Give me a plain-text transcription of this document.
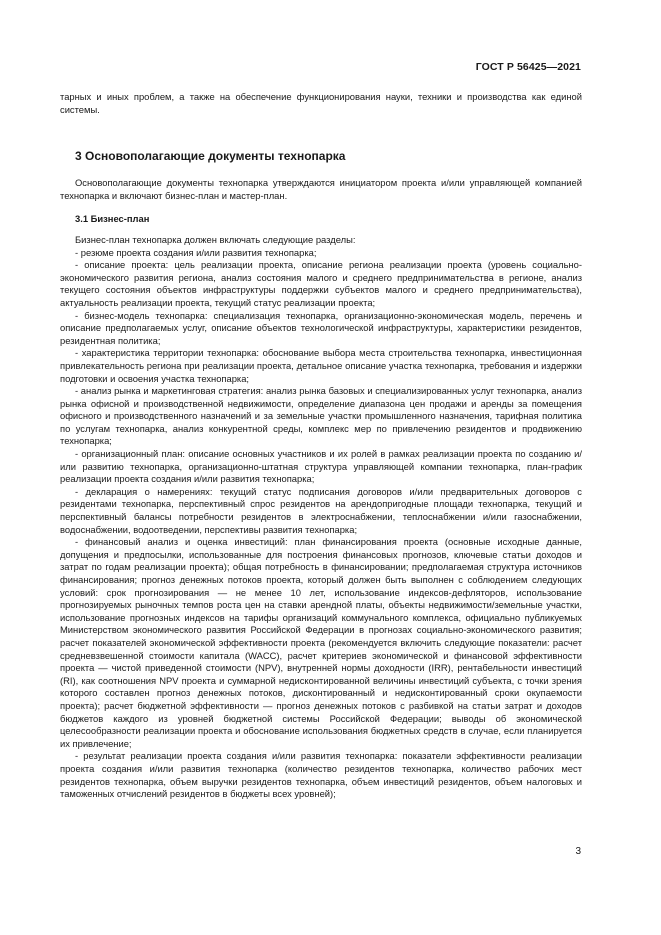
ГОСТ Р 56425—2021

тарных и иных проблем, а также на обеспечение функционирования науки, техники и производства как единой системы.

3 Основополагающие документы технопарка

Основополагающие документы технопарка утверждаются инициатором проекта и/или управляющей компанией технопарка и включают бизнес-план и мастер-план.

3.1 Бизнес-план

Бизнес-план технопарка должен включать следующие разделы:

- резюме проекта создания и/или развития технопарка;

- описание проекта: цель реализации проекта, описание региона реализации проекта (уровень социально-экономического развития региона, анализ состояния малого и среднего предпринимательства в регионе, анализ текущего состояния объектов инфраструктуры поддержки субъектов малого и среднего предпринимательства), актуальность реализации проекта, текущий статус реализации проекта;

- бизнес-модель технопарка: специализация технопарка, организационно-экономическая модель, перечень и описание предполагаемых услуг, описание объектов технологической инфраструктуры, характеристики резидентов, резидентная политика;

- характеристика территории технопарка: обоснование выбора места строительства технопарка, инвестиционная привлекательность региона при реализации проекта, детальное описание участка технопарка, требования и издержки подготовки и освоения участка технопарка;

- анализ рынка и маркетинговая стратегия: анализ рынка базовых и специализированных услуг технопарка, анализ рынка офисной и производственной недвижимости, определение диапазона цен продажи и аренды за помещения офисного и производственного назначений и за земельные участки промышленного назначения, тарифная политика по услугам технопарка, анализ конкурентной среды, комплекс мер по привлечению резидентов и продвижению технопарка;

- организационный план: описание основных участников и их ролей в рамках реализации проекта по созданию и/или развитию технопарка, организационно-штатная структура управляющей компании технопарка, план-график реализации проекта создания и/или развития технопарка;

- декларация о намерениях: текущий статус подписания договоров и/или предварительных договоров с резидентами технопарка, перспективный спрос резидентов на арендопригодные площади технопарка, текущий и перспективный балансы потребности резидентов в электроснабжении, теплоснабжении и/или газоснабжении, водоснабжении, водоотведении, перспективы развития технопарка;

- финансовый анализ и оценка инвестиций: план финансирования проекта (основные исходные данные, допущения и предпосылки, использованные для построения финансовых прогнозов, ключевые статьи доходов и затрат по годам реализации проекта); общая потребность в финансировании; предполагаемая структура источников финансирования; прогноз денежных потоков проекта, который должен быть выполнен с соблюдением следующих условий: срок прогнозирования — не менее 10 лет, использование индексов-дефляторов, использование прогнозируемых рыночных темпов роста цен на ставки арендной платы, объекты недвижимости/земельные участки, использование прогнозных индексов на тарифы организаций коммунального комплекса, официально публикуемых Министерством экономического развития Российской Федерации в прогнозах социально-экономического развития; расчет показателей экономической эффективности проекта (рекомендуется включить следующие показатели: расчет средневзвешенной стоимости капитала (WACC), расчет критериев экономической и финансовой эффективности проекта — чистой приведенной стоимости (NPV), внутренней нормы доходности (IRR), рентабельности инвестиций (RI), как соотношения NPV проекта и суммарной недисконтированной величины инвестиций субъекта, с точки зрения которого составлен прогноз денежных потоков, дисконтированный и недисконтированный сроки окупаемости проекта); расчет бюджетной эффективности — прогноз денежных потоков с разбивкой на статьи затрат и доходов бюджетов каждого из уровней бюджетной системы Российской Федерации; выводы об экономической целесообразности реализации проекта и обоснование использования бюджетных средств в случае, если планируется их привлечение;

- результат реализации проекта создания и/или развития технопарка: показатели эффективности реализации проекта создания и/или развития технопарка (количество резидентов технопарка, количество рабочих мест резидентов технопарка, объем выручки резидентов технопарка, объем инвестиций резидентов, объем налоговых и таможенных отчислений резидентов в бюджеты всех уровней);

3
